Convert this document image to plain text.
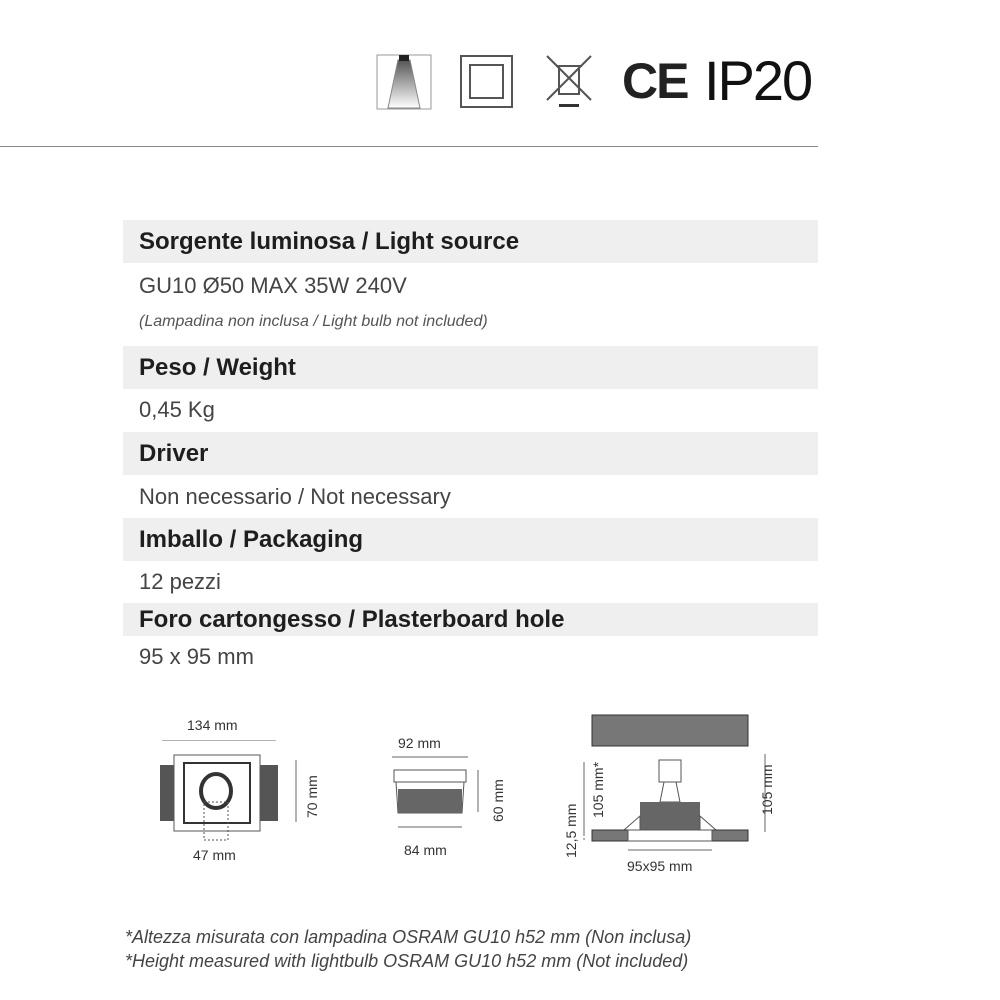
CE IP20
Sorgente luminosa / Light source
GU10 Ø50 MAX 35W 240V
(Lampadina non inclusa / Light bulb not included)
Peso / Weight
0,45 Kg
Driver
Non necessario / Not necessary
Imballo / Packaging
12 pezzi
Foro cartongesso / Plasterboard hole
95 x 95 mm
134 mm
47 mm
70 mm
92 mm
84 mm
60 mm
95x95 mm
12,5 mm
105 mm*	105 mm
*Altezza misurata con lampadina OSRAM GU10 h52 mm (Non inclusa)
*Height measured with lightbulb OSRAM GU10 h52 mm (Not included)
